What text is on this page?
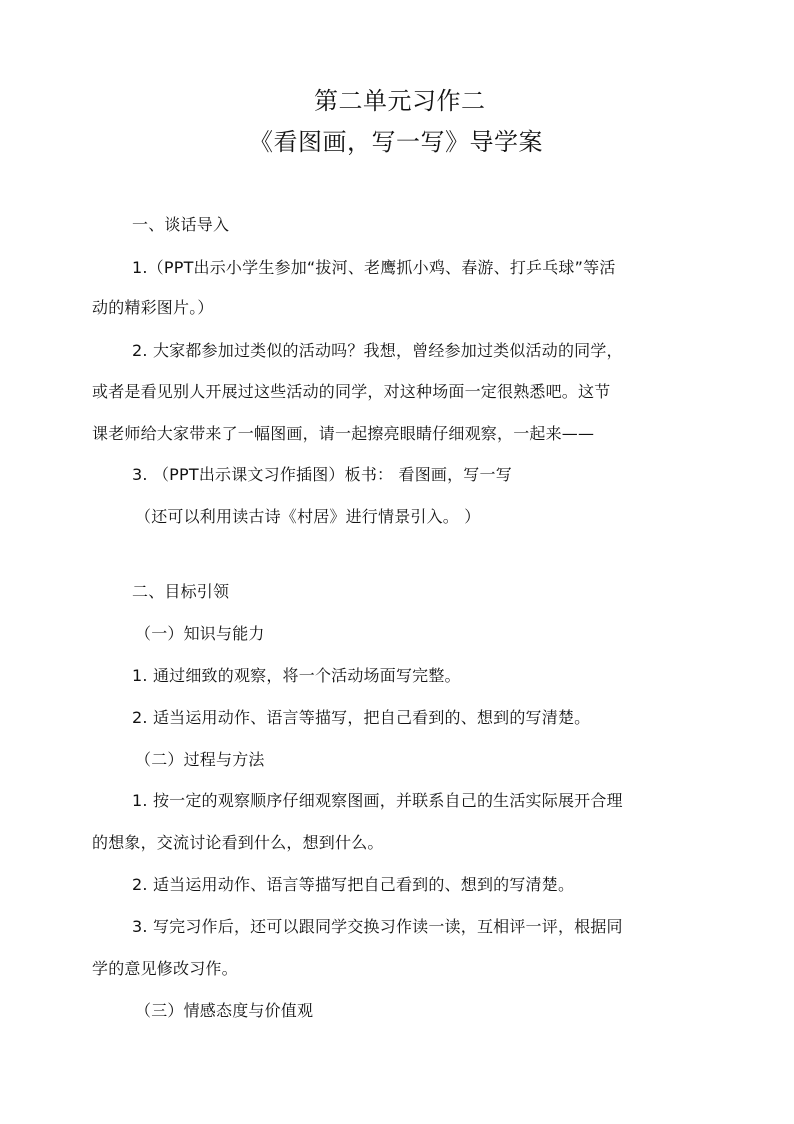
第二单元习作二
《看图画，写一写》导学案
一、谈话导入
1.（PPT出示小学生参加“拔河、老鹰抓小鸡、春游、打乒乓球”等活
动的精彩图片。）
2. 大家都参加过类似的活动吗？我想，曾经参加过类似活动的同学，
或者是看见别人开展过这些活动的同学，对这种场面一定很熟悉吧。这节
课老师给大家带来了一幅图画，请一起擦亮眼睛仔细观察，一起来——
3. （PPT出示课文习作插图）板书： 看图画，写一写
（还可以利用读古诗《村居》进行情景引入。 ）
二、目标引领
（一）知识与能力
1. 通过细致的观察，将一个活动场面写完整。
2. 适当运用动作、语言等描写，把自己看到的、想到的写清楚。
（二）过程与方法
1. 按一定的观察顺序仔细观察图画，并联系自己的生活实际展开合理
的想象，交流讨论看到什么，想到什么。
2. 适当运用动作、语言等描写把自己看到的、想到的写清楚。
3. 写完习作后，还可以跟同学交换习作读一读，互相评一评，根据同
学的意见修改习作。
（三）情感态度与价值观
